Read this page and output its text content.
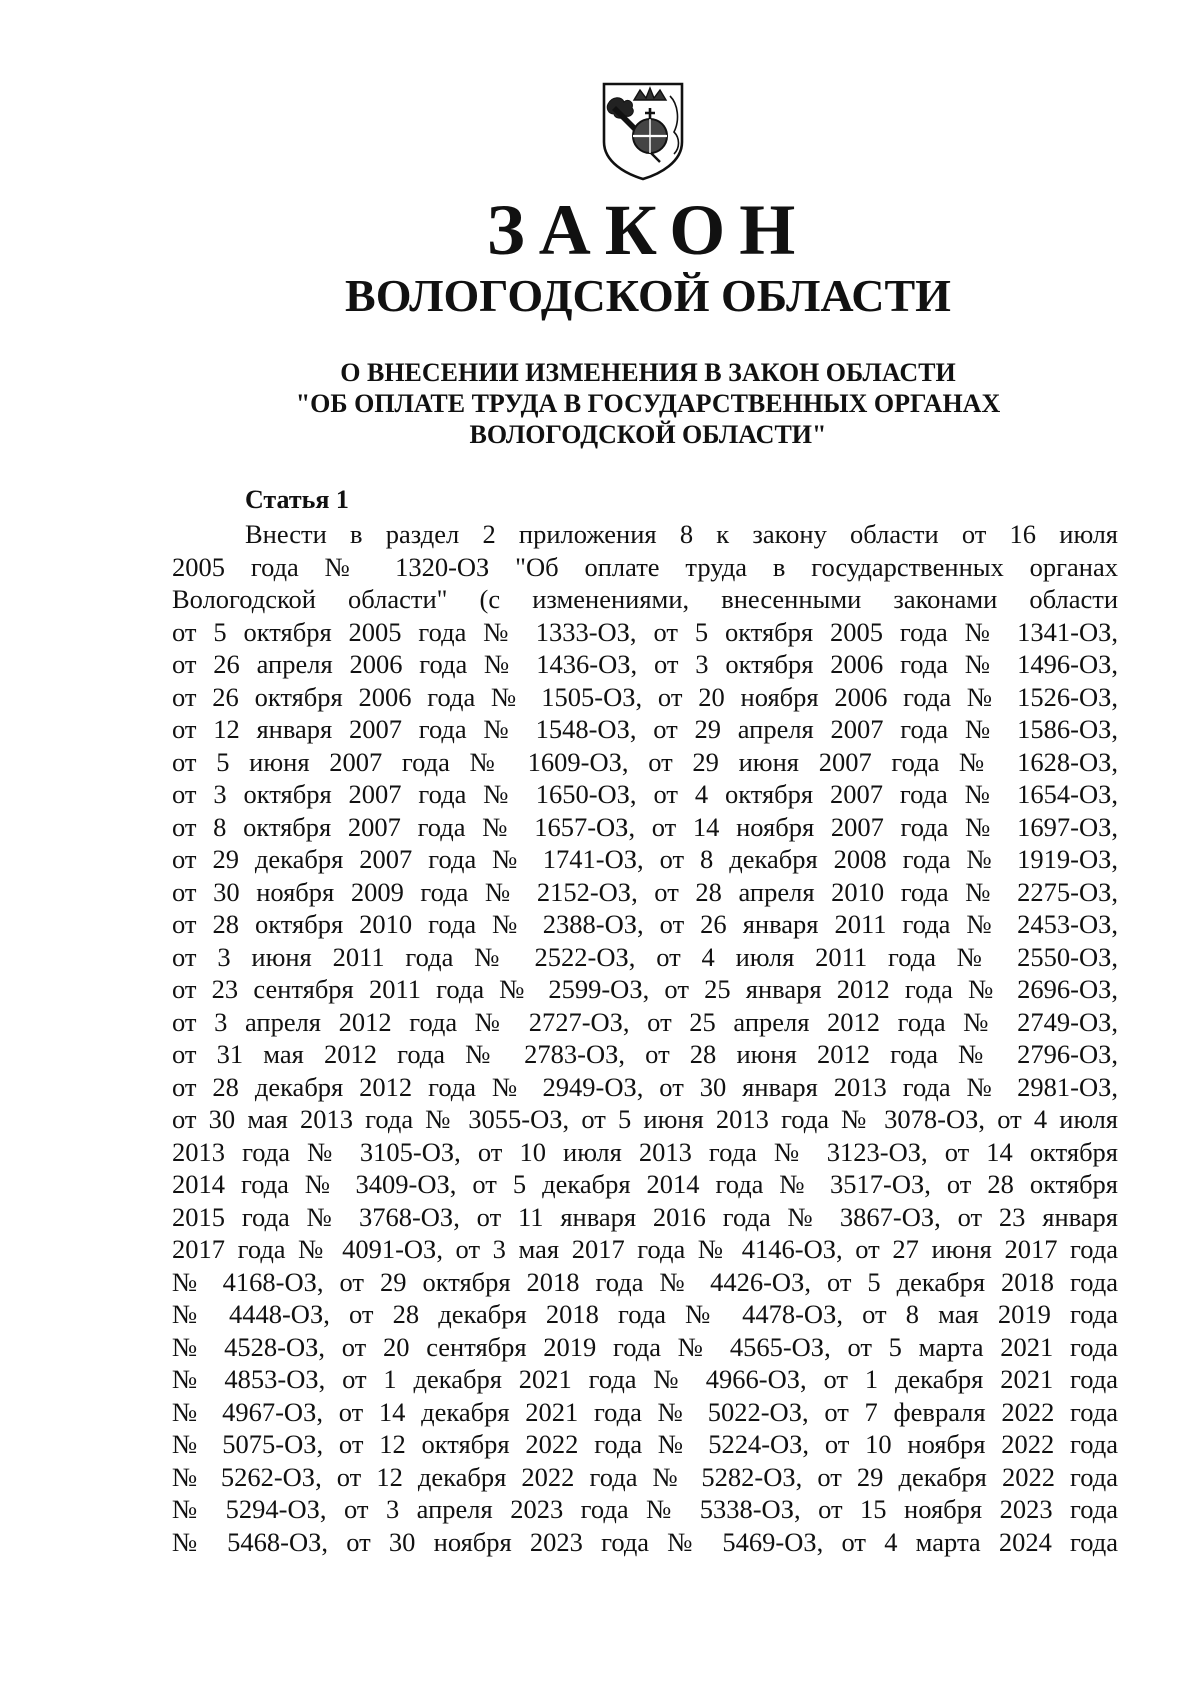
ЗАКОН
ВОЛОГОДСКОЙ ОБЛАСТИ
О ВНЕСЕНИИ ИЗМЕНЕНИЯ В ЗАКОН ОБЛАСТИ
"ОБ ОПЛАТЕ ТРУДА В ГОСУДАРСТВЕННЫХ ОРГАНАХ
ВОЛОГОДСКОЙ ОБЛАСТИ"
Статья 1
Внести в раздел 2 приложения 8 к закону области от 16 июля
2005 года № 1320-ОЗ "Об оплате труда в государственных органах
Вологодской области" (с изменениями, внесенными законами области
от 5 октября 2005 года № 1333-ОЗ, от 5 октября 2005 года № 1341-ОЗ,
от 26 апреля 2006 года № 1436-ОЗ, от 3 октября 2006 года № 1496-ОЗ,
от 26 октября 2006 года № 1505-ОЗ, от 20 ноября 2006 года № 1526-ОЗ,
от 12 января 2007 года № 1548-ОЗ, от 29 апреля 2007 года № 1586-ОЗ,
от 5 июня 2007 года № 1609-ОЗ, от 29 июня 2007 года № 1628-ОЗ,
от 3 октября 2007 года № 1650-ОЗ, от 4 октября 2007 года № 1654-ОЗ,
от 8 октября 2007 года № 1657-ОЗ, от 14 ноября 2007 года № 1697-ОЗ,
от 29 декабря 2007 года № 1741-ОЗ, от 8 декабря 2008 года № 1919-ОЗ,
от 30 ноября 2009 года № 2152-ОЗ, от 28 апреля 2010 года № 2275-ОЗ,
от 28 октября 2010 года № 2388-ОЗ, от 26 января 2011 года № 2453-ОЗ,
от 3 июня 2011 года № 2522-ОЗ, от 4 июля 2011 года № 2550-ОЗ,
от 23 сентября 2011 года № 2599-ОЗ, от 25 января 2012 года № 2696-ОЗ,
от 3 апреля 2012 года № 2727-ОЗ, от 25 апреля 2012 года № 2749-ОЗ,
от 31 мая 2012 года № 2783-ОЗ, от 28 июня 2012 года № 2796-ОЗ,
от 28 декабря 2012 года № 2949-ОЗ, от 30 января 2013 года № 2981-ОЗ,
от 30 мая 2013 года № 3055-ОЗ, от 5 июня 2013 года № 3078-ОЗ, от 4 июля
2013 года № 3105-ОЗ, от 10 июля 2013 года № 3123-ОЗ, от 14 октября
2014 года № 3409-ОЗ, от 5 декабря 2014 года № 3517-ОЗ, от 28 октября
2015 года № 3768-ОЗ, от 11 января 2016 года № 3867-ОЗ, от 23 января
2017 года № 4091-ОЗ, от 3 мая 2017 года № 4146-ОЗ, от 27 июня 2017 года
№ 4168-ОЗ, от 29 октября 2018 года № 4426-ОЗ, от 5 декабря 2018 года
№ 4448-ОЗ, от 28 декабря 2018 года № 4478-ОЗ, от 8 мая 2019 года
№ 4528-ОЗ, от 20 сентября 2019 года № 4565-ОЗ, от 5 марта 2021 года
№ 4853-ОЗ, от 1 декабря 2021 года № 4966-ОЗ, от 1 декабря 2021 года
№ 4967-ОЗ, от 14 декабря 2021 года № 5022-ОЗ, от 7 февраля 2022 года
№ 5075-ОЗ, от 12 октября 2022 года № 5224-ОЗ, от 10 ноября 2022 года
№ 5262-ОЗ, от 12 декабря 2022 года № 5282-ОЗ, от 29 декабря 2022 года
№ 5294-ОЗ, от 3 апреля 2023 года № 5338-ОЗ, от 15 ноября 2023 года
№ 5468-ОЗ, от 30 ноября 2023 года № 5469-ОЗ, от 4 марта 2024 года
